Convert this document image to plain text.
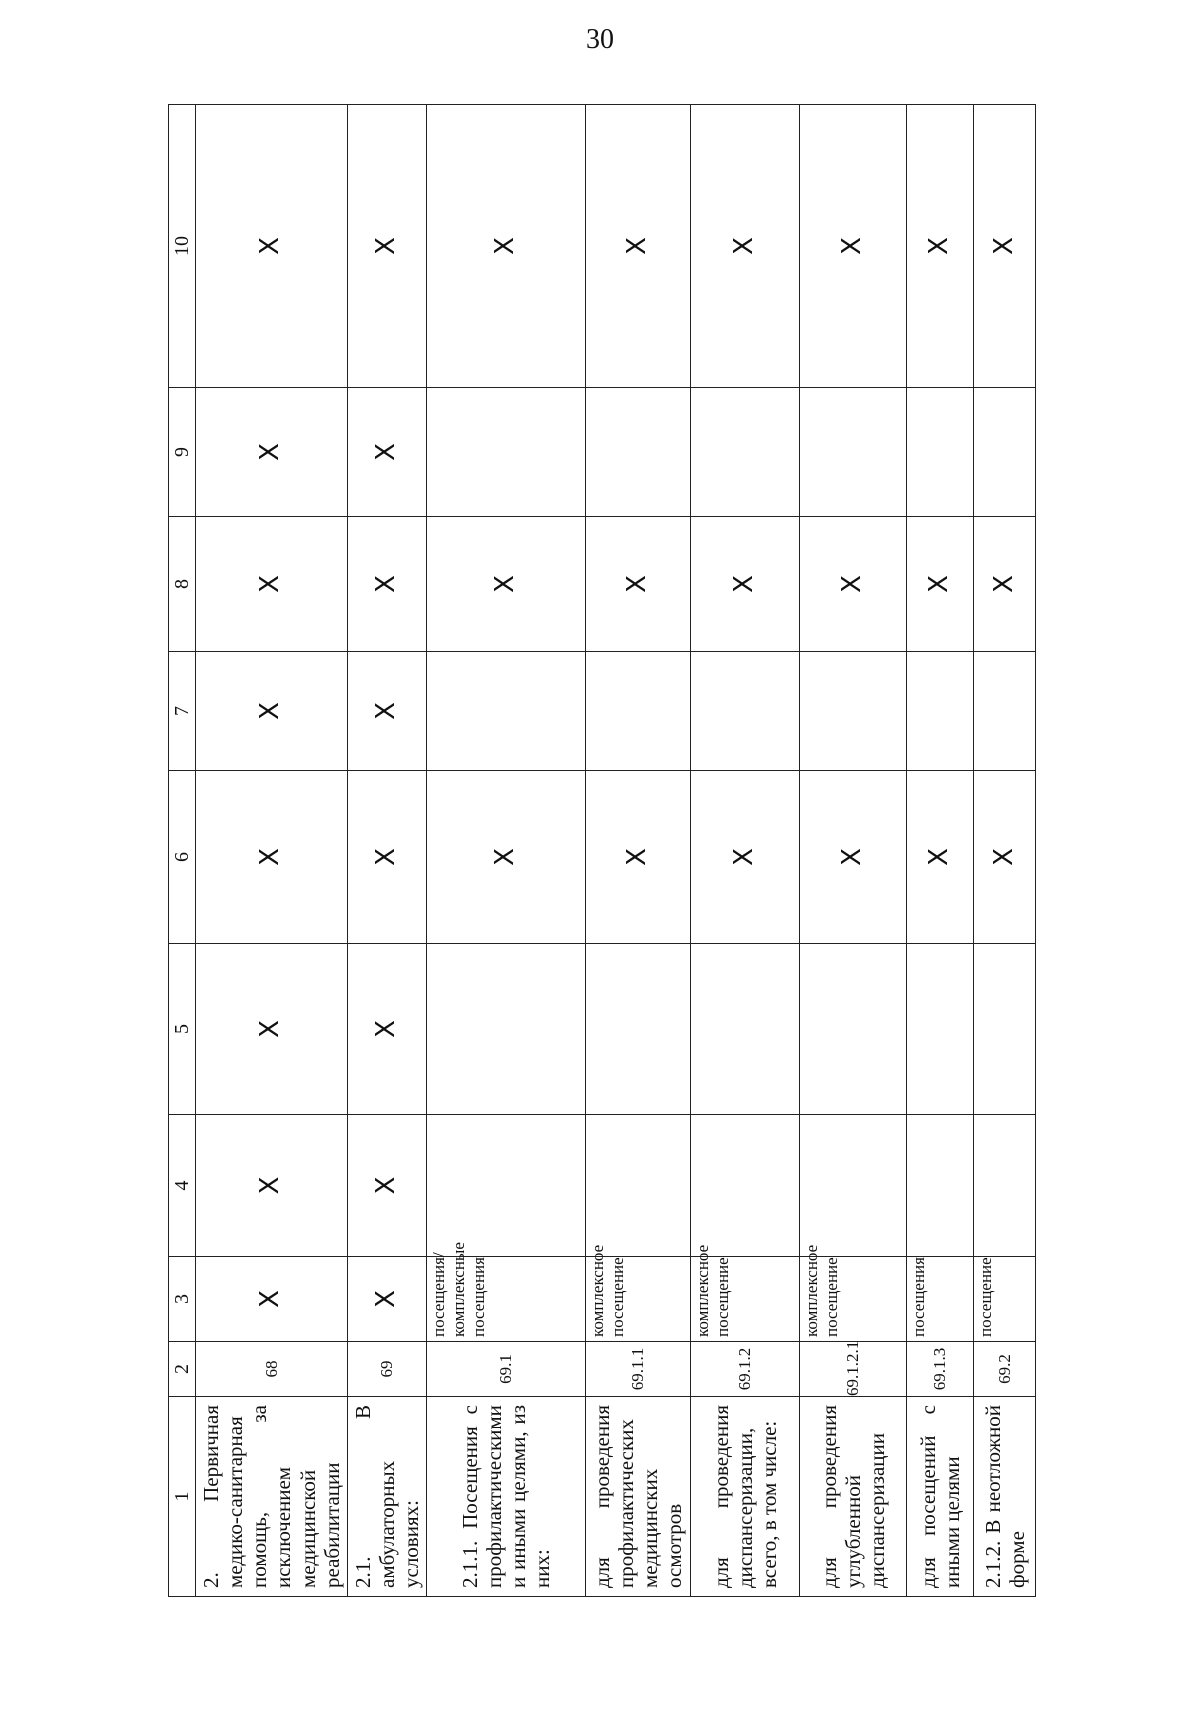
30
1	2	3	4	5	6	7	8	9	10
2. Первичная медико-санитарная помощь, за исключением медицинской реабилитации	68	X	X	X	X	X	X	X	X
2.1. В амбулаторных условиях:	69	X	X	X	X	X	X	X	X
2.1.1. Посещения с профилактическими и иными целями, из них:	69.1	посещения/ комплексные посещения			X		X		X
для проведения профилактических медицинских осмотров	69.1.1	комплексное посещение			X		X		X
для проведения диспансеризации, всего, в том числе:	69.1.2	комплексное посещение			X		X		X
для проведения углубленной диспансеризации	69.1.2.1	комплексное посещение			X		X		X
для посещений с иными целями	69.1.3	посещения			X		X		X
2.1.2. В неотложной форме	69.2	посещение			X		X		X
